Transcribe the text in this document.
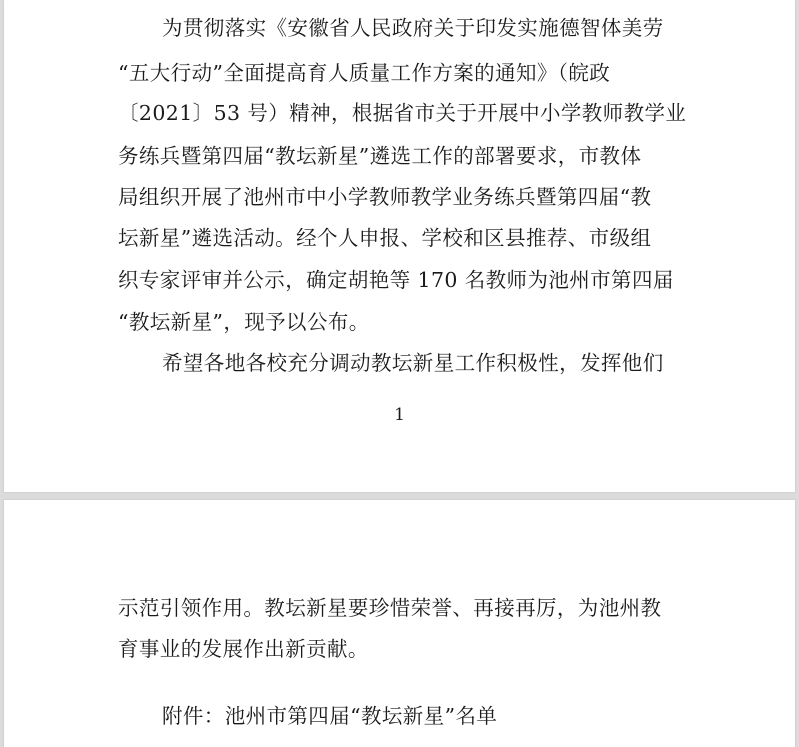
为贯彻落实《安徽省人民政府关于印发实施德智体美劳
“五大行动”全面提高育人质量工作方案的通知》（皖政
〔2021〕53 号）精神，根据省市关于开展中小学教师教学业
务练兵暨第四届“教坛新星”遴选工作的部署要求，市教体
局组织开展了池州市中小学教师教学业务练兵暨第四届“教
坛新星”遴选活动。经个人申报、学校和区县推荐、市级组
织专家评审并公示，确定胡艳等 170 名教师为池州市第四届
“教坛新星”，现予以公布。
希望各地各校充分调动教坛新星工作积极性，发挥他们
1
示范引领作用。教坛新星要珍惜荣誉、再接再厉，为池州教
育事业的发展作出新贡献。
附件：池州市第四届“教坛新星”名单
